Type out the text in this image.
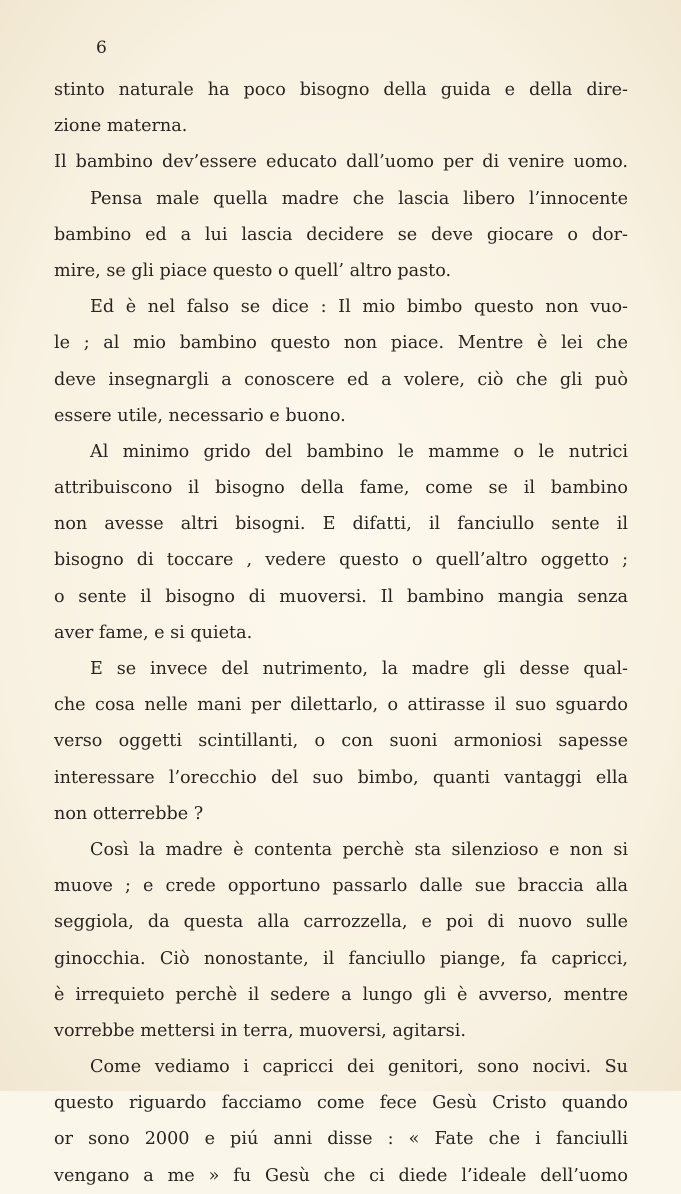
6
stinto naturale ha poco bisogno della guida e della dire-
zione materna.
Il bambino dev’essere educato dall’uomo per di venire uomo.
Pensa male quella madre che lascia libero l’innocente
bambino ed a lui lascia decidere se deve giocare o dor-
mire, se gli piace questo o quell’ altro pasto.
Ed è nel falso se dice : Il mio bimbo questo non vuo-
le ; al mio bambino questo non piace. Mentre è lei che
deve insegnargli a conoscere ed a volere, ciò che gli può
essere utile, necessario e buono.
Al minimo grido del bambino le mamme o le nutrici
attribuiscono il bisogno della fame, come se il bambino
non avesse altri bisogni. E difatti, il fanciullo sente il
bisogno di toccare , vedere questo o quell’altro oggetto ;
o sente il bisogno di muoversi. Il bambino mangia senza
aver fame, e si quieta.
E se invece del nutrimento, la madre gli desse qual-
che cosa nelle mani per dilettarlo, o attirasse il suo sguardo
verso oggetti scintillanti, o con suoni armoniosi sapesse
interessare l’orecchio del suo bimbo, quanti vantaggi ella
non otterrebbe ?
Così la madre è contenta perchè sta silenzioso e non si
muove ; e crede opportuno passarlo dalle sue braccia alla
seggiola, da questa alla carrozzella, e poi di nuovo sulle
ginocchia. Ciò nonostante, il fanciullo piange, fa capricci,
è irrequieto perchè il sedere a lungo gli è avverso, mentre
vorrebbe mettersi in terra, muoversi, agitarsi.
Come vediamo i capricci dei genitori, sono nocivi. Su
questo riguardo facciamo come fece Gesù Cristo quando
or sono 2000 e piú anni disse : « Fate che i fanciulli
vengano a me » fu Gesù che ci diede l’ideale dell’uomo
